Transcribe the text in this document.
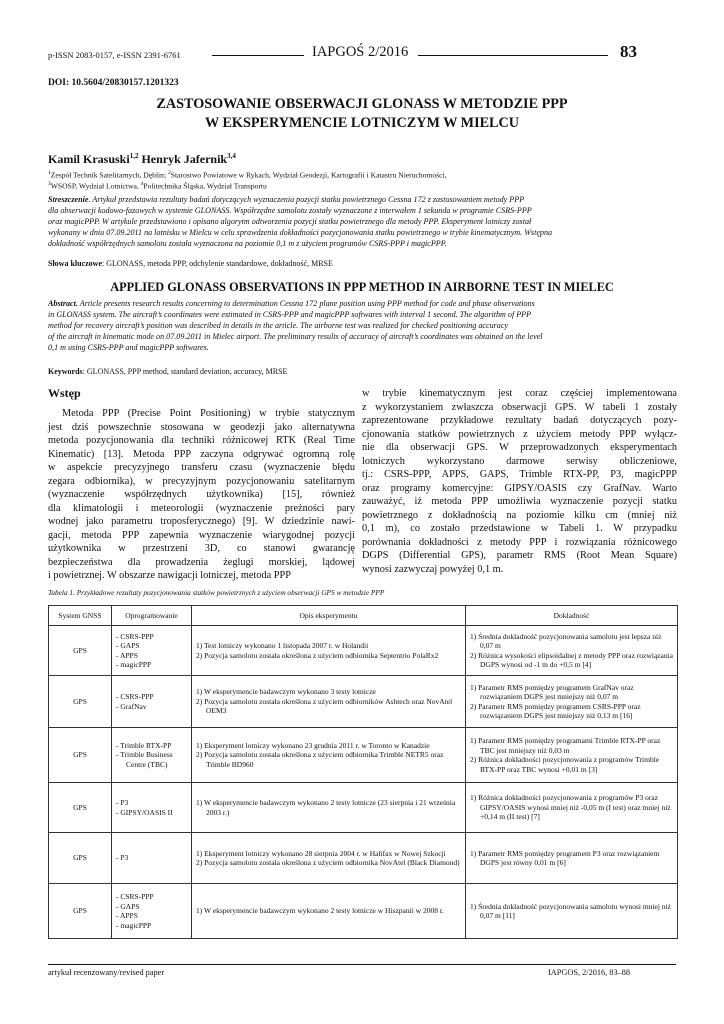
p-ISSN 2083-0157, e-ISSN 2391-6761	IAPGOŚ 2/2016	83
DOI: 10.5604/20830157.1201323
ZASTOSOWANIE OBSERWACJI GLONASS W METODZIE PPP
W EKSPERYMENCIE LOTNICZYM W MIELCU
Kamil Krasuski$^{1,2}$ Henryk Jafernik$^{3,4}$
$^1$Zespół Technik Satelitarnych, Dęblin; $^2$Starostwo Powiatowe w Rykach, Wydział Geodezji, Kartografii i Katastru Nieruchomości,
$^3$WSOSP, Wydział Lotnictwa, $^4$Politechnika Śląska, Wydział Transportu
Streszczenie. Artykuł przedstawia rezultaty badań dotyczących wyznaczenia pozycji statku powietrznego Cessna 172 z zastosowaniem metody PPP
dla obserwacji kodowo-fazowych w systemie GLONASS. Współrzędne samolotu zostały wyznaczone z interwałem 1 sekunda w programie CSRS-PPP
oraz magicPPP. W artykule przedstawiono i opisano algorytm odtworzenia pozycji statku powietrznego dla metody PPP. Eksperyment lotniczy został
wykonany w dniu 07.09.2011 na lotnisku w Mielcu w celu sprawdzenia dokładności pozycjonowania statku powietrznego w trybie kinematycznym. Wstępna
dokładność współrzędnych samolotu została wyznaczona na poziomie 0,1 m z użyciem programów CSRS-PPP i magicPPP.
Słowa kluczowe: GLONASS, metoda PPP, odchylenie standardowe, dokładność, MRSE
APPLIED GLONASS OBSERVATIONS IN PPP METHOD IN AIRBORNE TEST IN MIELEC
Abstract. Article presents research results concerning to determination Cessna 172 plane position using PPP method for code and phase observations
in GLONASS system. The aircraft’s coordinates were estimated in CSRS-PPP and magicPPP softwares with interval 1 second. The algorithm of PPP
method for recovery aircraft’s position was described in details in the article. The airborne test was realized for checked positioning accuracy
of the aircraft in kinematic mode on 07.09.2011 in Mielec airport. The preliminary results of accuracy of aircraft’s coordinates was obtained on the level
0,1 m using CSRS-PPP and magicPPP softwares.
Keywords: GLONASS, PPP method, standard deviation, accuracy, MRSE
Wstęp
Metoda PPP (Precise Point Positioning) w trybie statycznym
jest dziś powszechnie stosowana w geodezji jako alternatywna
metoda pozycjonowania dla techniki różnicowej RTK (Real Time
Kinematic) [13]. Metoda PPP zaczyna odgrywać ogromną rolę
w aspekcie precyzyjnego transferu czasu (wyznaczenie błędu
zegara odbiornika), w precyzyjnym pozycjonowaniu satelitarnym
(wyznaczenie współrzędnych użytkownika) [15], również
dla klimatologii i meteorologii (wyznaczenie preżności pary
wodnej jako parametru troposferycznego) [9]. W dziedzinie nawi-
gacji, metoda PPP zapewnia wyznaczenie wiarygodnej pozycji
użytkownika w przestrzeni 3D, co stanowi gwarancję
bezpieczeństwa dla prowadzenia żeglugi morskiej, lądowej
i powietrznej. W obszarze nawigacji lotniczej, metoda PPP
w trybie kinematycznym jest coraz częściej implementowana
z wykorzystaniem zwłaszcza obserwacji GPS. W tabeli 1 zostały
zaprezentowane przykładowe rezultaty badań dotyczących pozy-
cjonowania statków powietrznych z użyciem metody PPP wyłącz-
nie dla obserwacji GPS. W przeprowadzonych eksperymentach
lotniczych wykorzystano darmowe serwisy obliczeniowe,
tj.: CSRS-PPP, APPS, GAPS, Trimble RTX-PP, P3, magicPPP
oraz programy komercyjne: GIPSY/OASIS czy GrafNav. Warto
zauważyć, iż metoda PPP umożliwia wyznaczenie pozycji statku
powietrznego z dokładnością na poziomie kilku cm (mniej niż
0,1 m), co zostało przedstawione w Tabeli 1. W przypadku
porównania dokładności z metody PPP i rozwiązania różnicowego
DGPS (Differential GPS), parametr RMS (Root Mean Square)
wynosi zazwyczaj powyżej 0,1 m.
Tabela 1. Przykładowe rezultaty pozycjonowania statków powietrznych z użyciem obserwacji GPS w metodzie PPP
System GNSS	Oprogramowanie	Opis eksperymentu	Dokładność
GPS	- CSRS-PPP
- GAPS
- APPS
- magicPPP	1) Test lotniczy wykonano 1 listopada 2007 r. w Holandii
2) Pozycja samolotu została określona z użyciem odbiornika Septentrio PolaRx2	1) Średnia dokładność pozycjonowania samolotu jest lepsza niż 0,07 m
2) Różnica wysokości elipsoidalnej z metody PPP oraz rozwiązania DGPS wynosi od -1 m do +0,5 m [4]

GPS	- CSRS-PPP
- GrafNav	1) W eksperymencie badawczym wykonano 3 testy lotnicze
2) Pozycja samolotu została określona z użyciem odbiorników Ashtech oraz NovAtel OEM3	1) Parametr RMS pomiędzy programem GrafNav oraz rozwiązaniem DGPS jest mniejszy niż 0,07 m
2) Parametr RMS pomiędzy programem CSRS-PPP oraz rozwiązaniem DGPS jest mniejszy niż 0,13 m [16]

GPS	- Trimble RTX-PP
- Trimble Business Centre (TBC)	1) Eksperyment lotniczy wykonano 23 grudnia 2011 r. w Toronto w Kanadzie
2) Pozycja samolotu została określona z użyciem odbiornika Trimble NETR5 oraz Trimble BD960	1) Parametr RMS pomiędzy programami Trimble RTX-PP oraz TBC jest mniejszy niż 0,03 m
2) Różnica dokładności pozycjonowania z programów Trimble RTX-PP oraz TBC wynosi +0,01 m [3]

GPS	- P3
- GIPSY/OASIS II	1) W eksperymencie badawczym wykonano 2 testy lotnicze (23 sierpnia i 21 września 2003 r.)	1) Różnica dokładności pozycjonowania z programów P3 oraz GIPSY/OASIS wynosi mniej niż -0,05 m (I test) oraz mniej niż +0,14 m (II test) [7]

GPS	- P3	1) Eksperyment lotniczy wykonano 28 sierpnia 2004 r. w Halifax w Nowej Szkocji
2) Pozycja samolotu została określona z użyciem odbiornika NovAtel (Black Diamond)	1) Parametr RMS pomiędzy programem P3 oraz rozwiązaniem DGPS jest równy 0,01 m [6]

GPS	- CSRS-PPP
- GAPS
- APPS
- magicPPP	1) W eksperymencie badawczym wykonano 2 testy lotnicze w Hiszpanii w 2008 r.	1) Średnia dokładność pozycjonowania samolotu wynosi mniej niż 0,07 m [11]
artykuł recenzowany/revised paper	IAPGOS, 2/2016, 83–88
